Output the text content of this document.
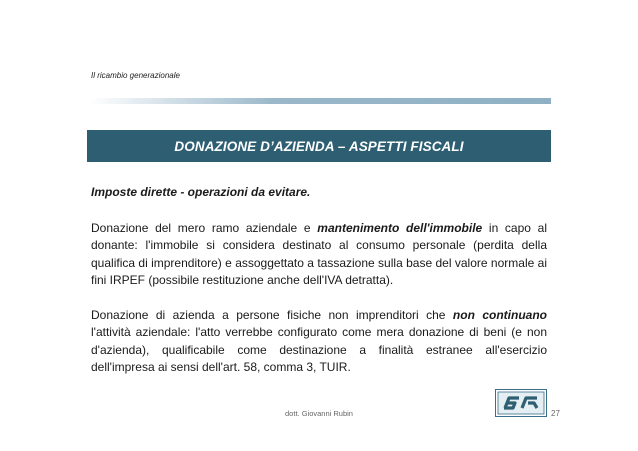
Il ricambio generazionale
DONAZIONE D’AZIENDA – ASPETTI FISCALI

Imposte dirette - operazioni da evitare.

Donazione del mero ramo aziendale e mantenimento dell'immobile in capo al donante: l'immobile si considera destinato al consumo personale (perdita della qualifica di imprenditore) e assoggettato a tassazione sulla base del valore normale ai fini IRPEF (possibile restituzione anche dell'IVA detratta).

Donazione di azienda a persone fisiche non imprenditori che non continuano l'attività aziendale: l'atto verrebbe configurato come mera donazione di beni (e non d'azienda), qualificabile come destinazione a finalità estranee all'esercizio dell'impresa ai sensi dell'art. 58, comma 3, TUIR.

dott. Giovanni Rubin	27
